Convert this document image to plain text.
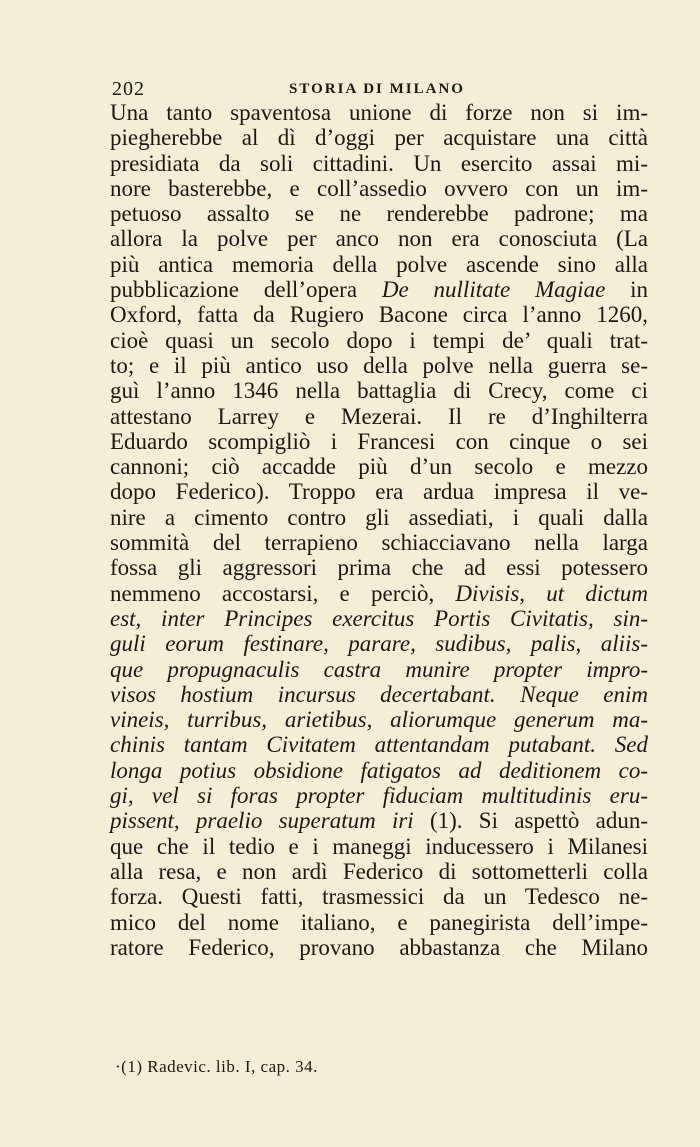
202	STORIA DI MILANO
Una tanto spaventosa unione di forze non si im-
piegherebbe al dì d’oggi per acquistare una città
presidiata da soli cittadini. Un esercito assai mi-
nore basterebbe, e coll’assedio ovvero con un im-
petuoso assalto se ne renderebbe padrone; ma
allora la polve per anco non era conosciuta (La
più antica memoria della polve ascende sino alla
pubblicazione dell’opera De nullitate Magiae in
Oxford, fatta da Rugiero Bacone circa l’anno 1260,
cioè quasi un secolo dopo i tempi de’ quali trat-
to; e il più antico uso della polve nella guerra se-
guì l’anno 1346 nella battaglia di Crecy, come ci
attestano Larrey e Mezerai. Il re d’Inghilterra
Eduardo scompigliò i Francesi con cinque o sei
cannoni; ciò accadde più d’un secolo e mezzo
dopo Federico). Troppo era ardua impresa il ve-
nire a cimento contro gli assediati, i quali dalla
sommità del terrapieno schiacciavano nella larga
fossa gli aggressori prima che ad essi potessero
nemmeno accostarsi, e perciò, Divisis, ut dictum
est, inter Principes exercitus Portis Civitatis, sin-
guli eorum festinare, parare, sudibus, palis, aliis-
que propugnaculis castra munire propter impro-
visos hostium incursus decertabant. Neque enim
vineis, turribus, arietibus, aliorumque generum ma-
chinis tantam Civitatem attentandam putabant. Sed
longa potius obsidione fatigatos ad deditionem co-
gi, vel si foras propter fiduciam multitudinis eru-
pissent, praelio superatum iri (1). Si aspettò adun-
que che il tedio e i maneggi inducessero i Milanesi
alla resa, e non ardì Federico di sottometterli colla
forza. Questi fatti, trasmessici da un Tedesco ne-
mico del nome italiano, e panegirista dell’impe-
ratore Federico, provano abbastanza che Milano
·(1) Radevic. lib. I, cap. 34.
